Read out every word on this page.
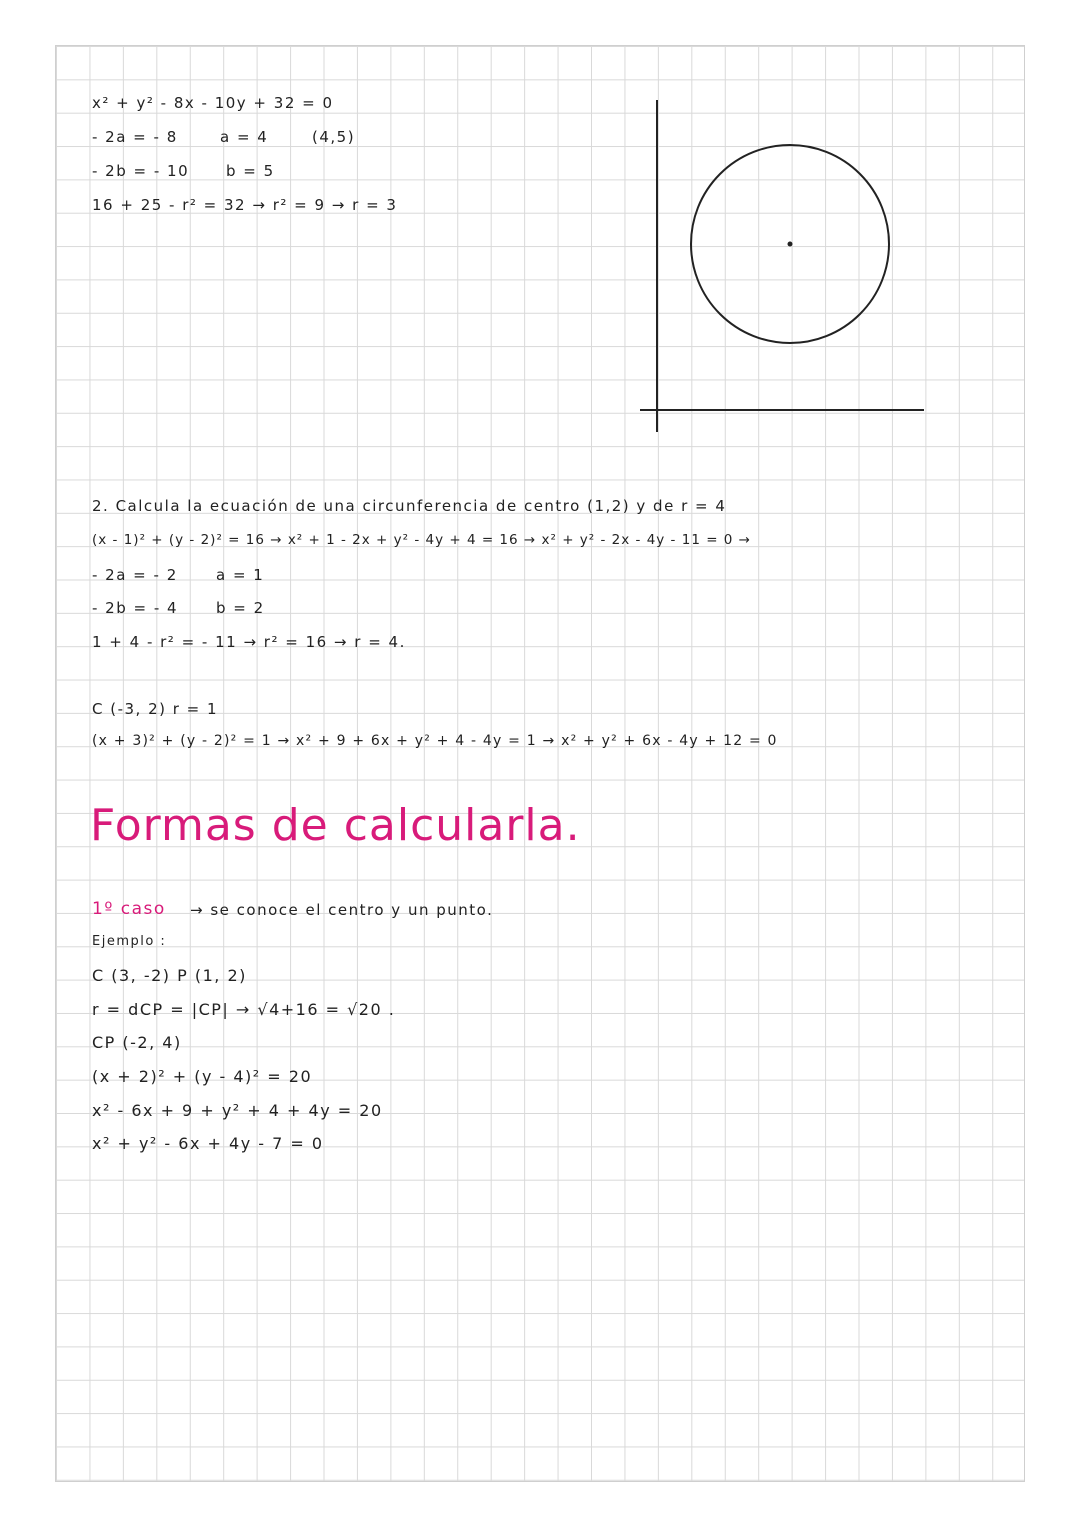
x² + y² - 8x - 10y + 32 = 0
- 2a = - 8	a = 4	(4,5)
- 2b = - 10 b = 5
16 + 25 - r² = 32 → r² = 9 → r = 3
2. Calcula la ecuación de una circunferencia de centro (1,2) y de r = 4
(x - 1)² + (y - 2)² = 16 → x² + 1 - 2x + y² - 4y + 4 = 16 → x² + y² - 2x - 4y - 11 = 0 →
- 2a = - 2	a = 1
- 2b = - 4	b = 2
1 + 4 - r² = - 11 → r² = 16 → r = 4.
C (-3, 2) r = 1
(x + 3)² + (y - 2)² = 1 → x² + 9 + 6x + y² + 4 - 4y = 1 → x² + y² + 6x - 4y + 12 = 0
Formas de calcularla.
1º caso → se conoce el centro y un punto.
Ejemplo :
C (3, -2) P (1, 2)
r = dCP = |CP| → √4+16 = √20 .
CP (-2, 4)
(x + 2)² + (y - 4)² = 20
x² - 6x + 9 + y² + 4 + 4y = 20
x² + y² - 6x + 4y - 7 = 0
